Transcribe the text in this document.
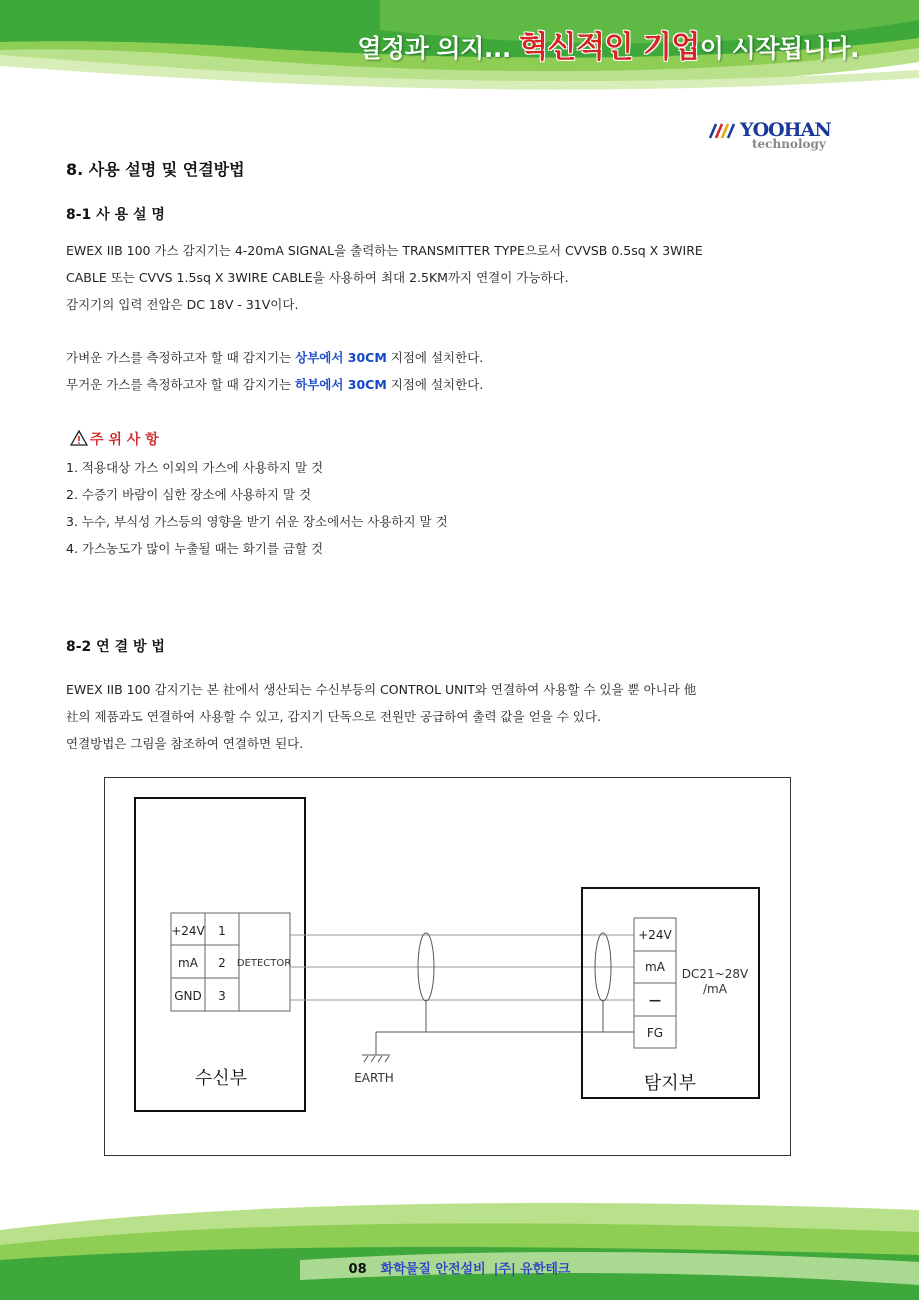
열정과 의지... 혁신적인 기업이 시작됩니다.
YOOHAN
technology
8. 사용 설명 및 연결방법
8-1 사 용 설 명
EWEX IIB 100 가스 감지기는 4-20mA SIGNAL을 출력하는 TRANSMITTER TYPE으로서 CVVSB 0.5sq X 3WIRE
CABLE 또는 CVVS 1.5sq X 3WIRE CABLE을 사용하여 최대 2.5KM까지 연결이 가능하다.
감지기의 입력 전압은 DC 18V - 31V이다.
가벼운 가스를 측정하고자 할 때 감지기는 상부에서 30CM 지점에 설치한다.
무거운 가스를 측정하고자 할 때 감지기는 하부에서 30CM 지점에 설치한다.
주 위 사 항
1. 적용대상 가스 이외의 가스에 사용하지 말 것
2. 수증기 바람이 심한 장소에 사용하지 말 것
3. 누수, 부식성 가스등의 영향을 받기 쉬운 장소에서는 사용하지 말 것
4. 가스농도가 많이 누출될 때는 화기를 금할 것
8-2 연 결 방 법
EWEX IIB 100 감지기는 본 社에서 생산되는 수신부등의 CONTROL UNIT와 연결하여 사용할 수 있을 뿐 아니라 他
社의 제품과도 연결하여 사용할 수 있고, 감지기 단독으로 전원만 공급하여 출력 값을 얻을 수 있다.
연결방법은 그림을 참조하여 연결하면 된다.
수신부
+24V 1
mA 2
GND 3
DETECTOR
EARTH	탐지부
+24V
mA
—
FG
DC21~28V
/mA
08 화학물질 안전설비 |주| 유한테크
